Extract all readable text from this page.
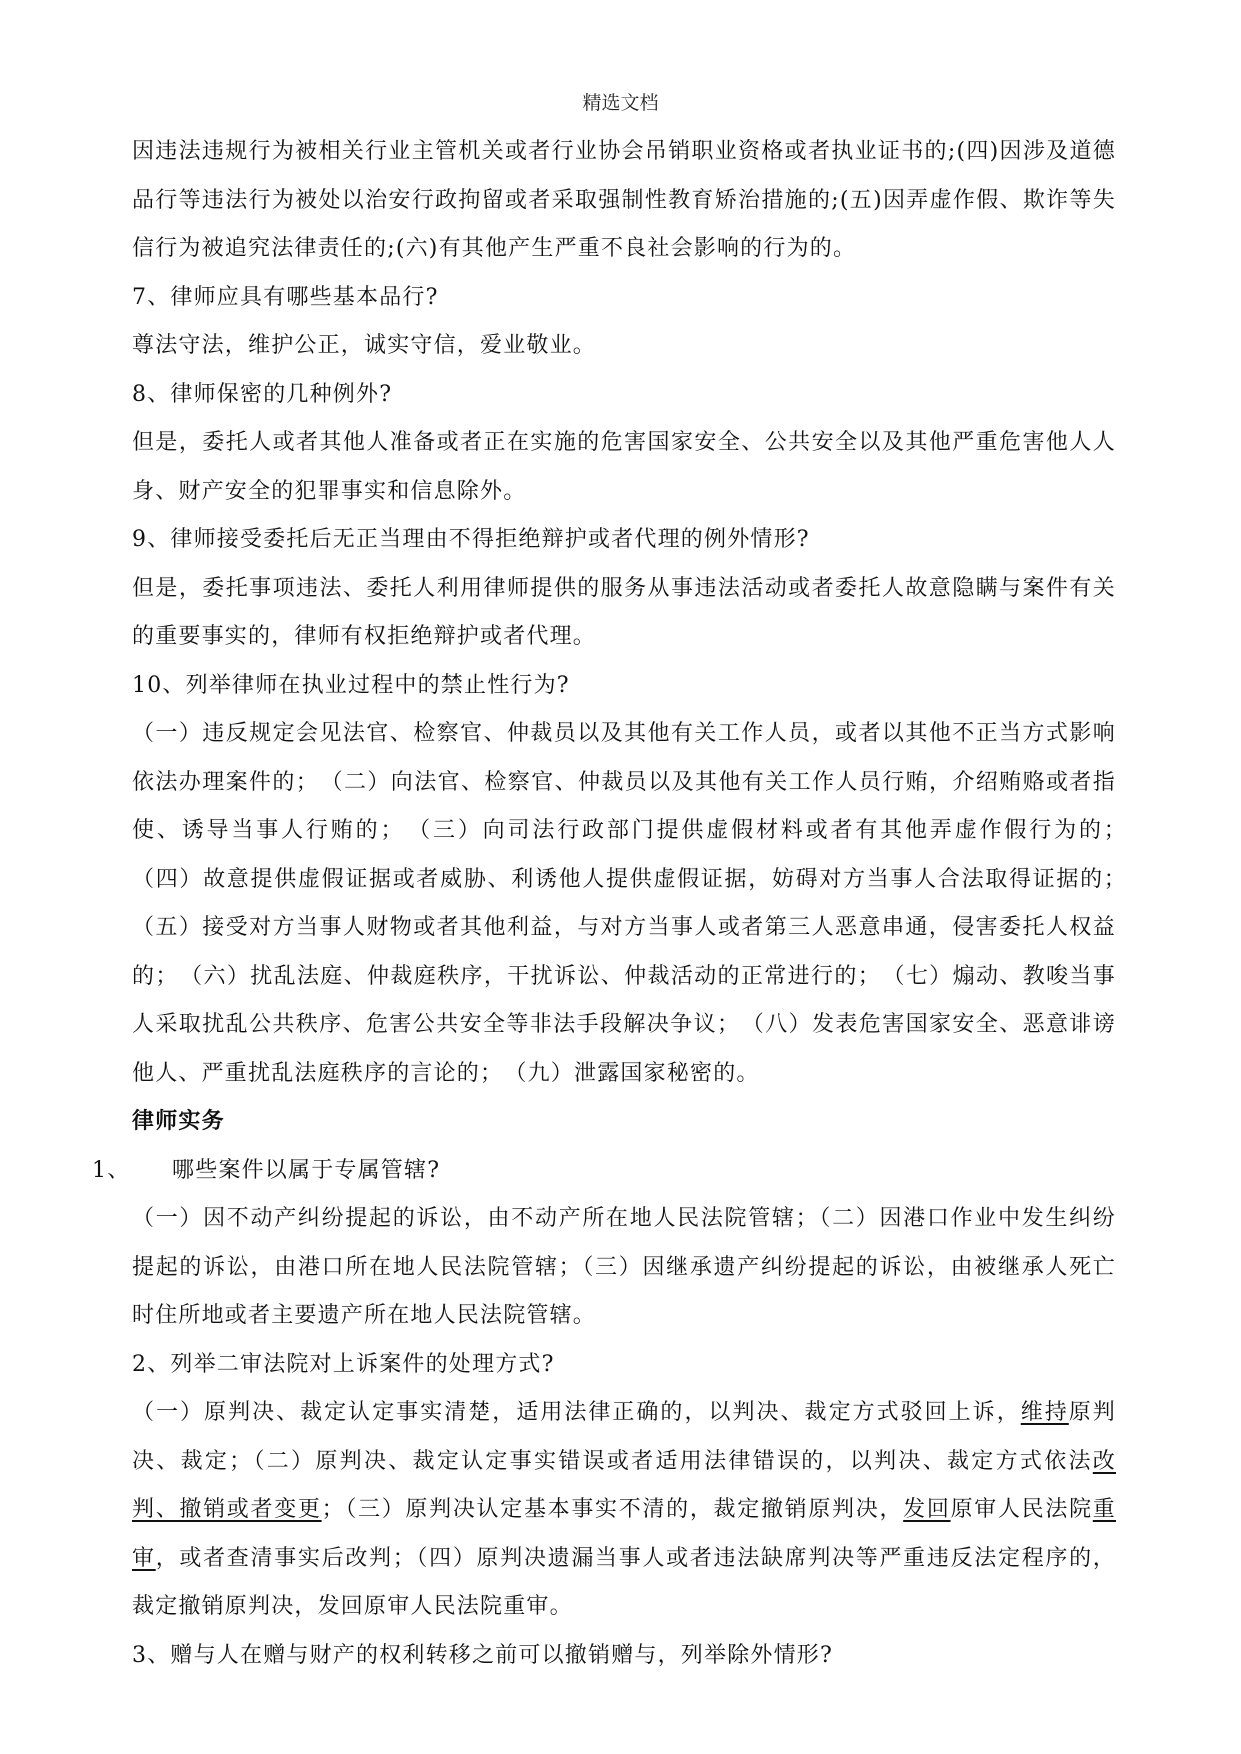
精选文档

因违法违规行为被相关行业主管机关或者行业协会吊销职业资格或者执业证书的;(四)因涉及道德品行等违法行为被处以治安行政拘留或者采取强制性教育矫治措施的;(五)因弄虚作假、欺诈等失信行为被追究法律责任的;(六)有其他产生严重不良社会影响的行为的。

7、律师应具有哪些基本品行?

尊法守法，维护公正，诚实守信，爱业敬业。

8、律师保密的几种例外?

但是，委托人或者其他人准备或者正在实施的危害国家安全、公共安全以及其他严重危害他人人身、财产安全的犯罪事实和信息除外。

9、律师接受委托后无正当理由不得拒绝辩护或者代理的例外情形?

但是，委托事项违法、委托人利用律师提供的服务从事违法活动或者委托人故意隐瞒与案件有关的重要事实的，律师有权拒绝辩护或者代理。

10、列举律师在执业过程中的禁止性行为?

（一）违反规定会见法官、检察官、仲裁员以及其他有关工作人员，或者以其他不正当方式影响依法办理案件的；　（二）向法官、检察官、仲裁员以及其他有关工作人员行贿，介绍贿赂或者指使、诱导当事人行贿的；　（三）向司法行政部门提供虚假材料或者有其他弄虚作假行为的；　（四）故意提供虚假证据或者威胁、利诱他人提供虚假证据，妨碍对方当事人合法取得证据的；　（五）接受对方当事人财物或者其他利益，与对方当事人或者第三人恶意串通，侵害委托人权益的；　（六）扰乱法庭、仲裁庭秩序，干扰诉讼、仲裁活动的正常进行的；　（七）煽动、教唆当事人采取扰乱公共秩序、危害公共安全等非法手段解决争议；　（八）发表危害国家安全、恶意诽谤他人、严重扰乱法庭秩序的言论的；　（九）泄露国家秘密的。

律师实务

1、 哪些案件以属于专属管辖?

（一）因不动产纠纷提起的诉讼，由不动产所在地人民法院管辖；（二）因港口作业中发生纠纷提起的诉讼，由港口所在地人民法院管辖；（三）因继承遗产纠纷提起的诉讼，由被继承人死亡时住所地或者主要遗产所在地人民法院管辖。

2、列举二审法院对上诉案件的处理方式?

（一）原判决、裁定认定事实清楚，适用法律正确的，以判决、裁定方式驳回上诉，维持原判决、裁定；（二）原判决、裁定认定事实错误或者适用法律错误的，以判决、裁定方式依法改判、撤销或者变更；（三）原判决认定基本事实不清的，裁定撤销原判决，发回原审人民法院重审，或者查清事实后改判；（四）原判决遗漏当事人或者违法缺席判决等严重违反法定程序的，裁定撤销原判决，发回原审人民法院重审。

3、赠与人在赠与财产的权利转移之前可以撤销赠与，列举除外情形?
